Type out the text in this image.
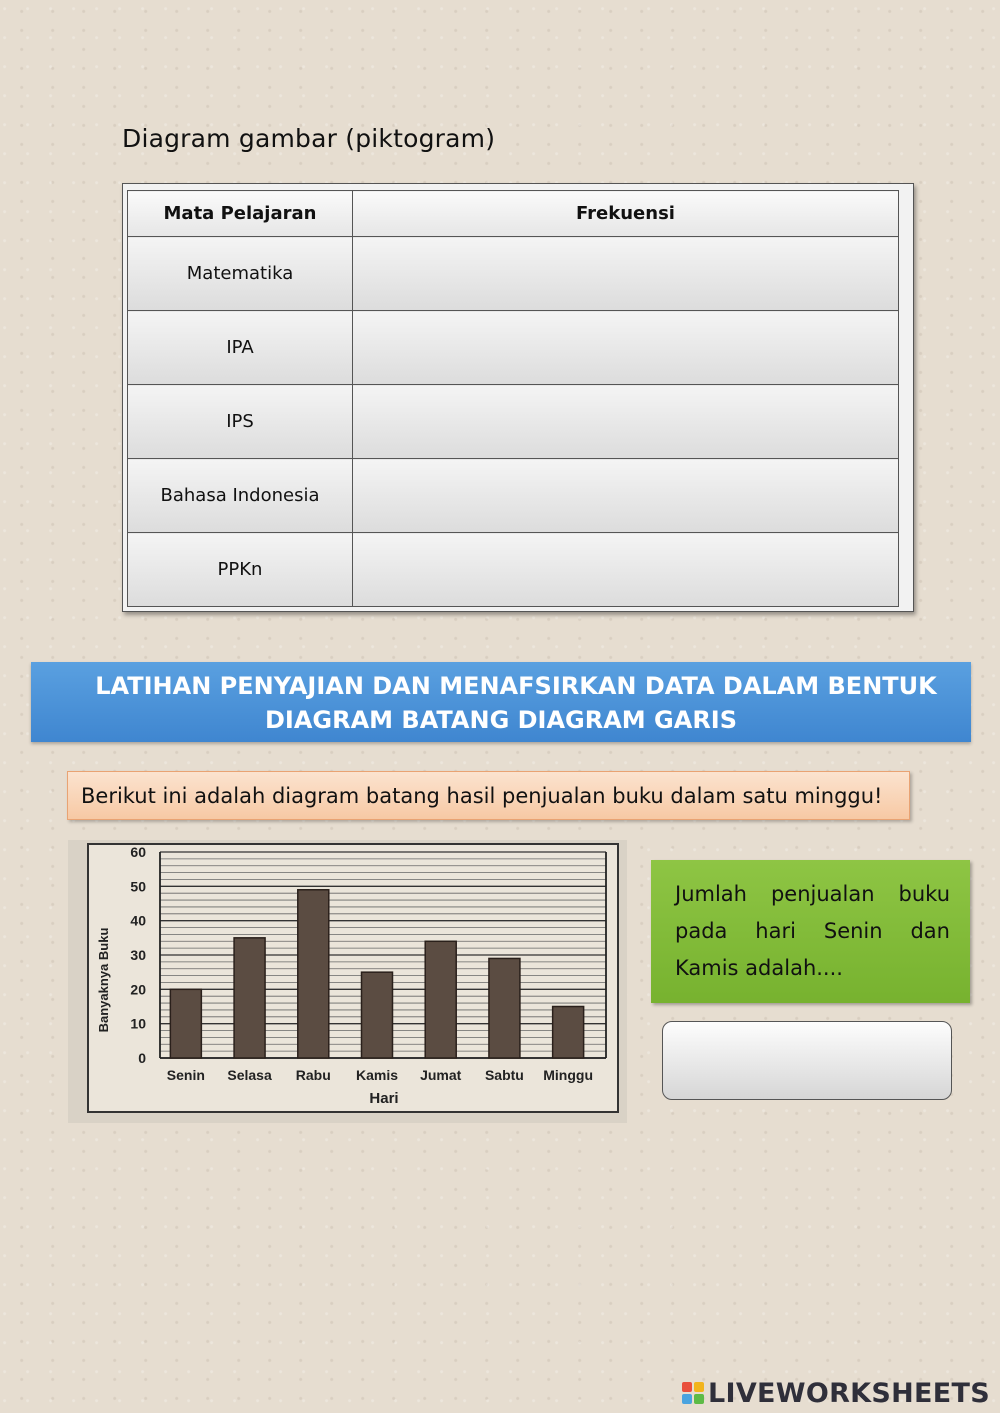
Diagram gambar (piktogram)
Mata Pelajaran	Frekuensi
Matematika	
IPA	
IPS	
Bahasa Indonesia	
PPKn	
LATIHAN PENYAJIAN DAN MENAFSIRKAN DATA DALAM BENTUK
DIAGRAM BATANG DIAGRAM GARIS
Berikut ini adalah diagram batang hasil penjualan buku dalam satu minggu!
0
10
20
30
40
50
60
Senin Selasa Rabu Kamis Jumat Sabtu Minggu
Hari
Banyaknya Buku
Jumlah penjualan buku pada hari Senin dan Kamis adalah....
LIVEWORKSHEETS
